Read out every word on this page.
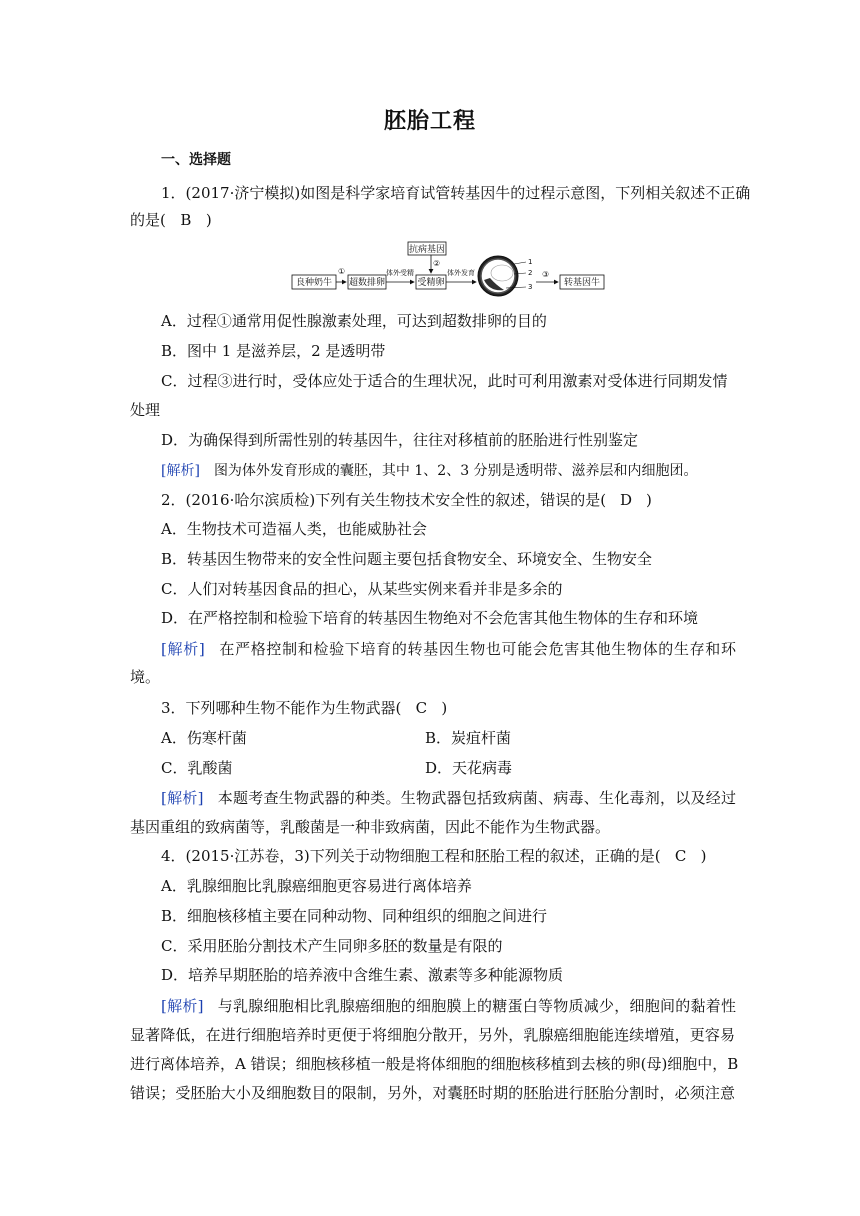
胚胎工程
一、选择题
1．(2017·济宁模拟)如图是科学家培育试管转基因牛的过程示意图，下列相关叙述不正确
的是( B )
良种奶牛
①
超数排卵
体外受精
受精卵
抗病基因
②
体外发育
1
2
3
③
转基因牛
A．过程①通常用促性腺激素处理，可达到超数排卵的目的
B．图中 1 是滋养层，2 是透明带
C．过程③进行时，受体应处于适合的生理状况，此时可利用激素对受体进行同期发情
处理
D．为确保得到所需性别的转基因牛，往往对移植前的胚胎进行性别鉴定
[解析] 图为体外发育形成的囊胚，其中 1、2、3 分别是透明带、滋养层和内细胞团。
2．(2016·哈尔滨质检)下列有关生物技术安全性的叙述，错误的是( D )
A．生物技术可造福人类，也能威胁社会
B．转基因生物带来的安全性问题主要包括食物安全、环境安全、生物安全
C．人们对转基因食品的担心，从某些实例来看并非是多余的
D．在严格控制和检验下培育的转基因生物绝对不会危害其他生物体的生存和环境
[解析] 在严格控制和检验下培育的转基因生物也可能会危害其他生物体的生存和环
境。
3．下列哪种生物不能作为生物武器( C )
A．伤寒杆菌	B．炭疽杆菌
C．乳酸菌	D．天花病毒
[解析] 本题考查生物武器的种类。生物武器包括致病菌、病毒、生化毒剂，以及经过
基因重组的致病菌等，乳酸菌是一种非致病菌，因此不能作为生物武器。
4．(2015·江苏卷，3)下列关于动物细胞工程和胚胎工程的叙述，正确的是( C )
A．乳腺细胞比乳腺癌细胞更容易进行离体培养
B．细胞核移植主要在同种动物、同种组织的细胞之间进行
C．采用胚胎分割技术产生同卵多胚的数量是有限的
D．培养早期胚胎的培养液中含维生素、激素等多种能源物质
[解析] 与乳腺细胞相比乳腺癌细胞的细胞膜上的糖蛋白等物质减少，细胞间的黏着性
显著降低，在进行细胞培养时更便于将细胞分散开，另外，乳腺癌细胞能连续增殖，更容易
进行离体培养，A 错误；细胞核移植一般是将体细胞的细胞核移植到去核的卵(母)细胞中，B
错误；受胚胎大小及细胞数目的限制，另外，对囊胚时期的胚胎进行胚胎分割时，必须注意
